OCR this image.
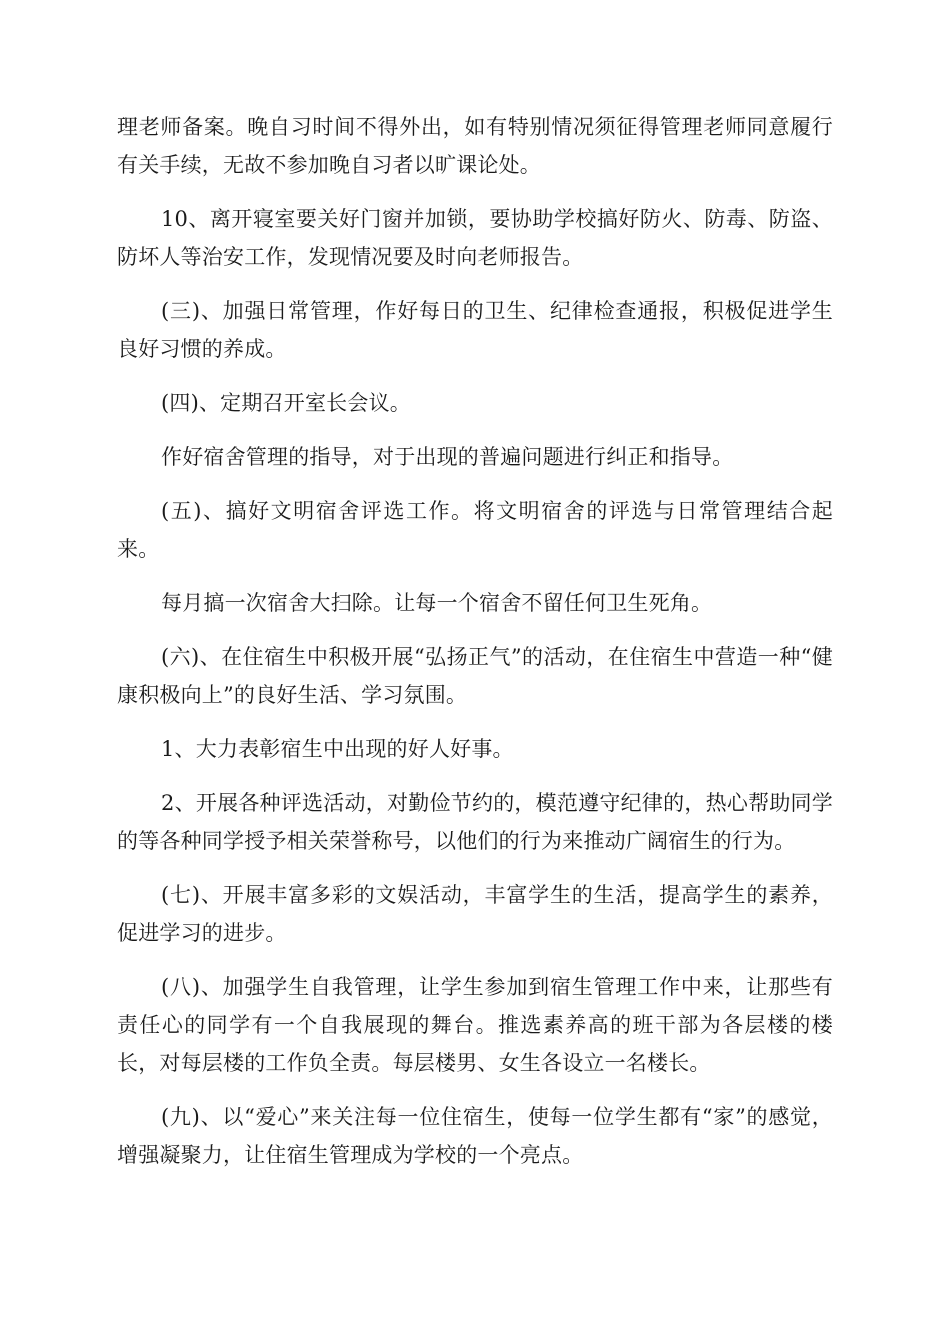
理老师备案。晚自习时间不得外出，如有特别情况须征得管理老师同意履行有关手续，无故不参加晚自习者以旷课论处。

10、离开寝室要关好门窗并加锁，要协助学校搞好防火、防毒、防盗、防坏人等治安工作，发现情况要及时向老师报告。

(三)、加强日常管理，作好每日的卫生、纪律检查通报，积极促进学生良好习惯的养成。

(四)、定期召开室长会议。

作好宿舍管理的指导，对于出现的普遍问题进行纠正和指导。

(五)、搞好文明宿舍评选工作。将文明宿舍的评选与日常管理结合起来。

每月搞一次宿舍大扫除。让每一个宿舍不留任何卫生死角。

(六)、在住宿生中积极开展“弘扬正气”的活动，在住宿生中营造一种“健康积极向上”的良好生活、学习氛围。

1、大力表彰宿生中出现的好人好事。

2、开展各种评选活动，对勤俭节约的，模范遵守纪律的，热心帮助同学的等各种同学授予相关荣誉称号，以他们的行为来推动广阔宿生的行为。

(七)、开展丰富多彩的文娱活动，丰富学生的生活，提高学生的素养，促进学习的进步。

(八)、加强学生自我管理，让学生参加到宿生管理工作中来，让那些有责任心的同学有一个自我展现的舞台。推选素养高的班干部为各层楼的楼长，对每层楼的工作负全责。每层楼男、女生各设立一名楼长。

(九)、以“爱心”来关注每一位住宿生，使每一位学生都有“家”的感觉，增强凝聚力，让住宿生管理成为学校的一个亮点。
